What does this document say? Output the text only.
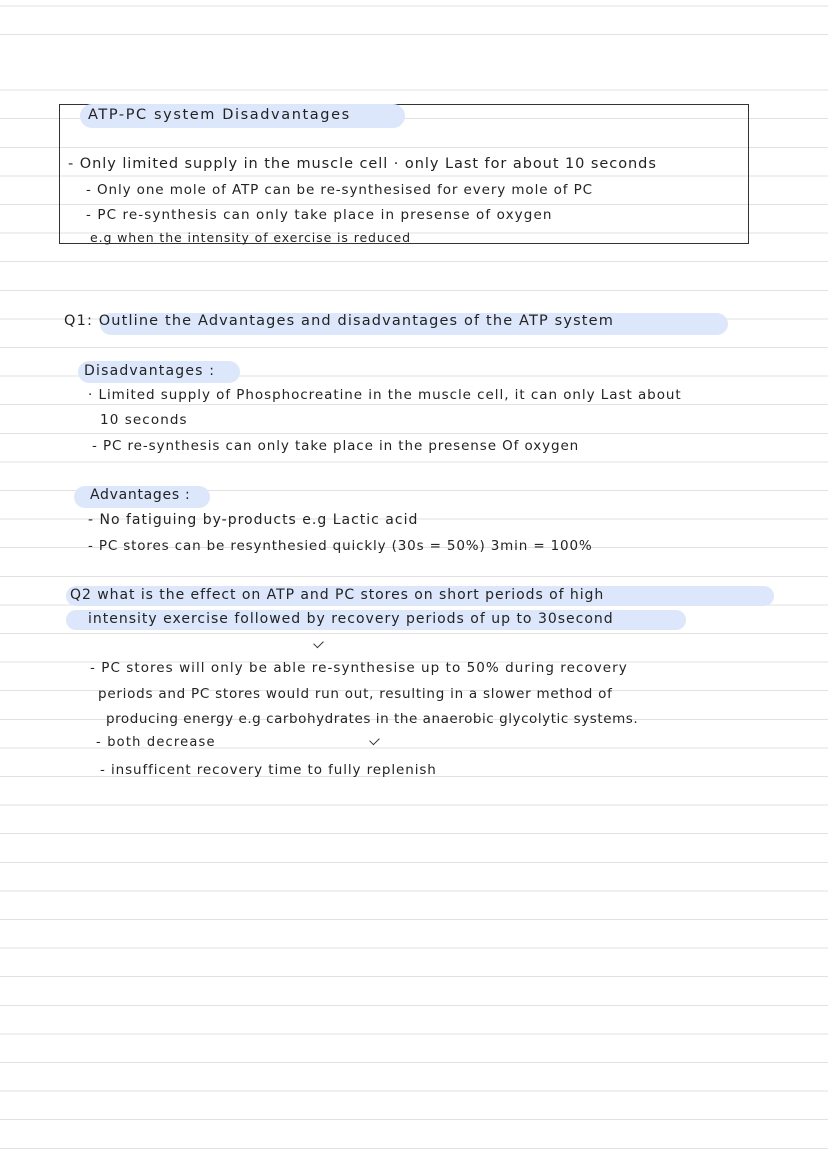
ATP-PC system Disadvantages
- Only limited supply in the muscle cell · only Last for about 10 seconds
- Only one mole of ATP can be re-synthesised for every mole of PC
- PC re-synthesis can only take place in presense of oxygen
e.g when the intensity of exercise is reduced
Q1: Outline the Advantages and disadvantages of the ATP system
Disadvantages :
· Limited supply of Phosphocreatine in the muscle cell, it can only Last about
10 seconds
- PC re-synthesis can only take place in the presense Of oxygen
Advantages :
- No fatiguing by-products e.g Lactic acid
- PC stores can be resynthesied quickly (30s = 50%) 3min = 100%
Q2 what is the effect on ATP and PC stores on short periods of high
intensity exercise followed by recovery periods of up to 30second
- PC stores will only be able re-synthesise up to 50% during recovery
periods and PC stores would run out, resulting in a slower method of
producing energy e.g carbohydrates in the anaerobic glycolytic systems.
- both decrease
- insufficent recovery time to fully replenish
